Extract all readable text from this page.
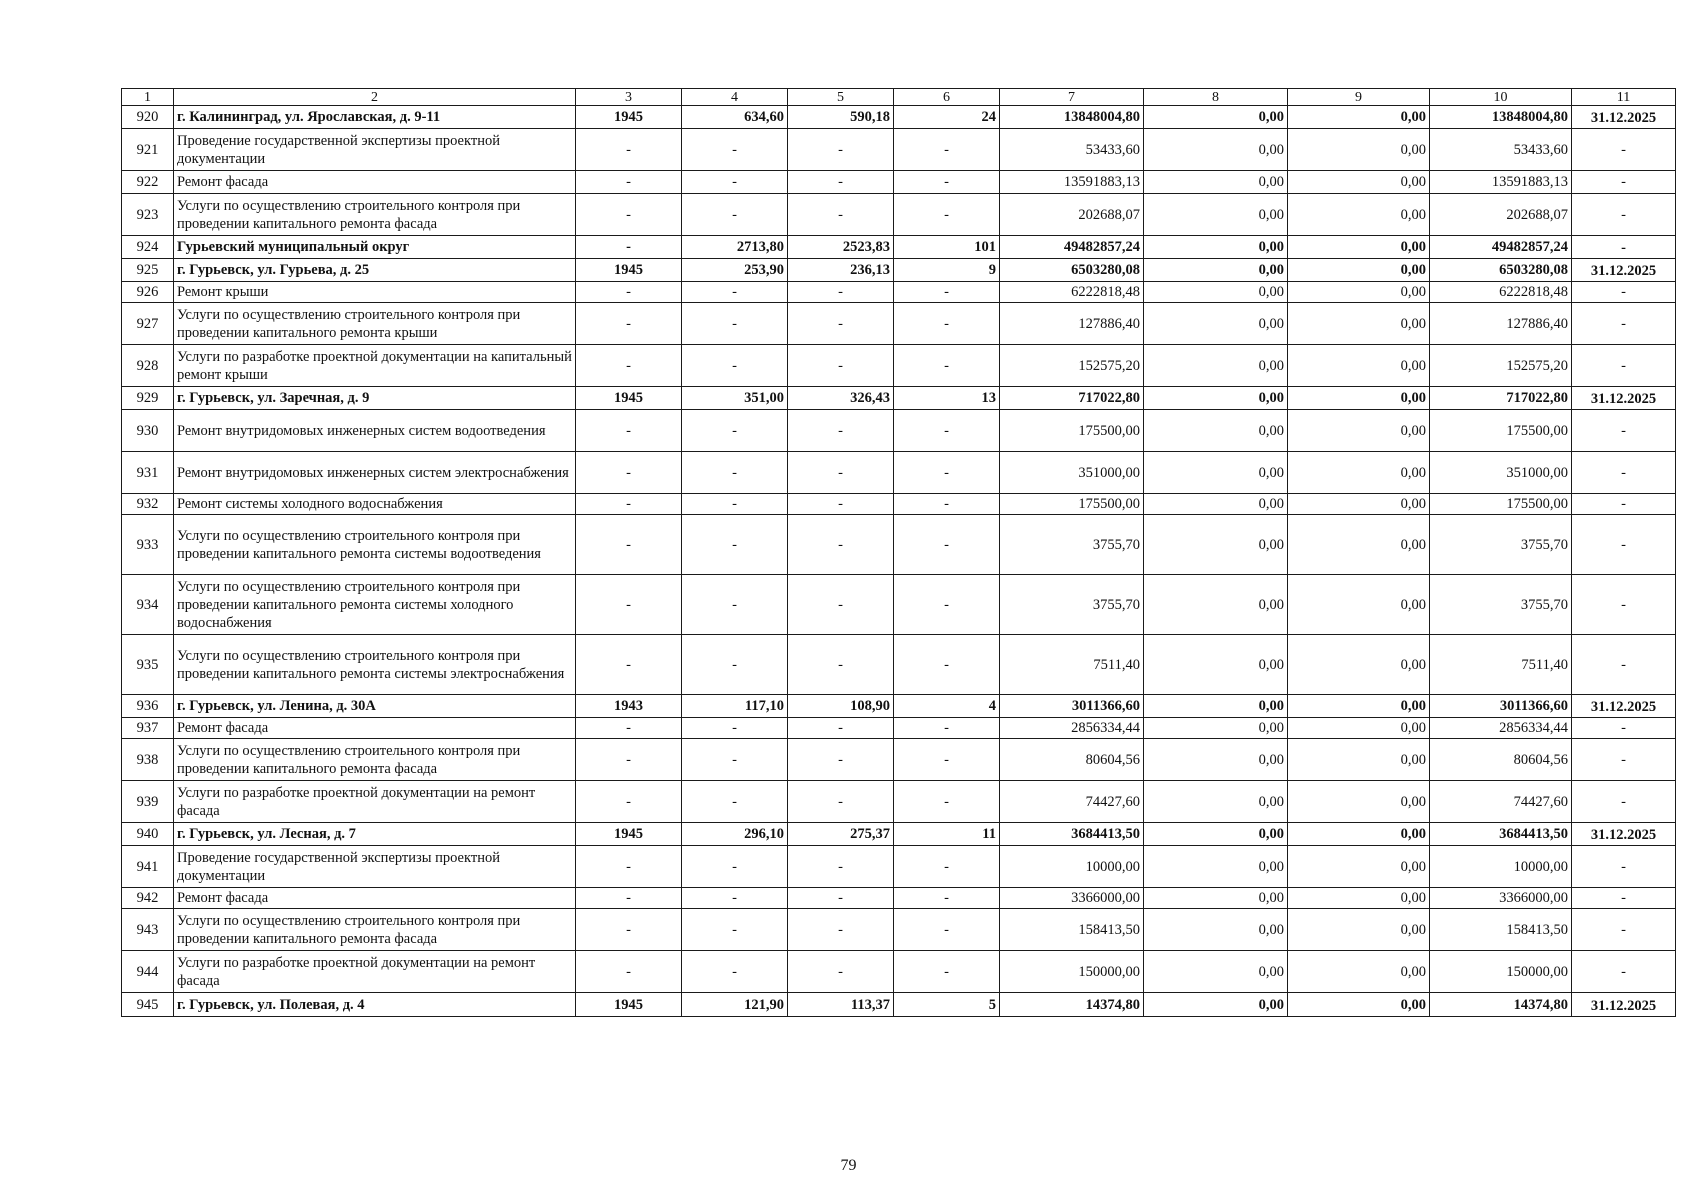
1	2	3	4	5	6	7	8	9	10	11
920	г. Калининград, ул. Ярославская, д. 9-11	1945	634,60	590,18	24	13848004,80	0,00	0,00	13848004,80	31.12.2025
921	Проведение государственной экспертизы проектной документации	-	-	-	-	53433,60	0,00	0,00	53433,60	-
922	Ремонт фасада	-	-	-	-	13591883,13	0,00	0,00	13591883,13	-
923	Услуги по осуществлению строительного контроля при проведении капитального ремонта фасада	-	-	-	-	202688,07	0,00	0,00	202688,07	-
924	Гурьевский муниципальный округ	-	2713,80	2523,83	101	49482857,24	0,00	0,00	49482857,24	-
925	г. Гурьевск, ул. Гурьева, д. 25	1945	253,90	236,13	9	6503280,08	0,00	0,00	6503280,08	31.12.2025
926	Ремонт крыши	-	-	-	-	6222818,48	0,00	0,00	6222818,48	-
927	Услуги по осуществлению строительного контроля при проведении капитального ремонта крыши	-	-	-	-	127886,40	0,00	0,00	127886,40	-
928	Услуги по разработке проектной документации на капитальный ремонт крыши	-	-	-	-	152575,20	0,00	0,00	152575,20	-
929	г. Гурьевск, ул. Заречная, д. 9	1945	351,00	326,43	13	717022,80	0,00	0,00	717022,80	31.12.2025
930	Ремонт внутридомовых инженерных систем водоотведения	-	-	-	-	175500,00	0,00	0,00	175500,00	-
931	Ремонт внутридомовых инженерных систем электроснабжения	-	-	-	-	351000,00	0,00	0,00	351000,00	-
932	Ремонт системы холодного водоснабжения	-	-	-	-	175500,00	0,00	0,00	175500,00	-
933	Услуги по осуществлению строительного контроля при проведении капитального ремонта системы водоотведения	-	-	-	-	3755,70	0,00	0,00	3755,70	-
934	Услуги по осуществлению строительного контроля при проведении капитального ремонта системы холодного водоснабжения	-	-	-	-	3755,70	0,00	0,00	3755,70	-
935	Услуги по осуществлению строительного контроля при проведении капитального ремонта системы электроснабжения	-	-	-	-	7511,40	0,00	0,00	7511,40	-
936	г. Гурьевск, ул. Ленина, д. 30А	1943	117,10	108,90	4	3011366,60	0,00	0,00	3011366,60	31.12.2025
937	Ремонт фасада	-	-	-	-	2856334,44	0,00	0,00	2856334,44	-
938	Услуги по осуществлению строительного контроля при проведении капитального ремонта фасада	-	-	-	-	80604,56	0,00	0,00	80604,56	-
939	Услуги по разработке проектной документации на ремонт фасада	-	-	-	-	74427,60	0,00	0,00	74427,60	-
940	г. Гурьевск, ул. Лесная, д. 7	1945	296,10	275,37	11	3684413,50	0,00	0,00	3684413,50	31.12.2025
941	Проведение государственной экспертизы проектной документации	-	-	-	-	10000,00	0,00	0,00	10000,00	-
942	Ремонт фасада	-	-	-	-	3366000,00	0,00	0,00	3366000,00	-
943	Услуги по осуществлению строительного контроля при проведении капитального ремонта фасада	-	-	-	-	158413,50	0,00	0,00	158413,50	-
944	Услуги по разработке проектной документации на ремонт фасада	-	-	-	-	150000,00	0,00	0,00	150000,00	-
945	г. Гурьевск, ул. Полевая, д. 4	1945	121,90	113,37	5	14374,80	0,00	0,00	14374,80	31.12.2025
79
